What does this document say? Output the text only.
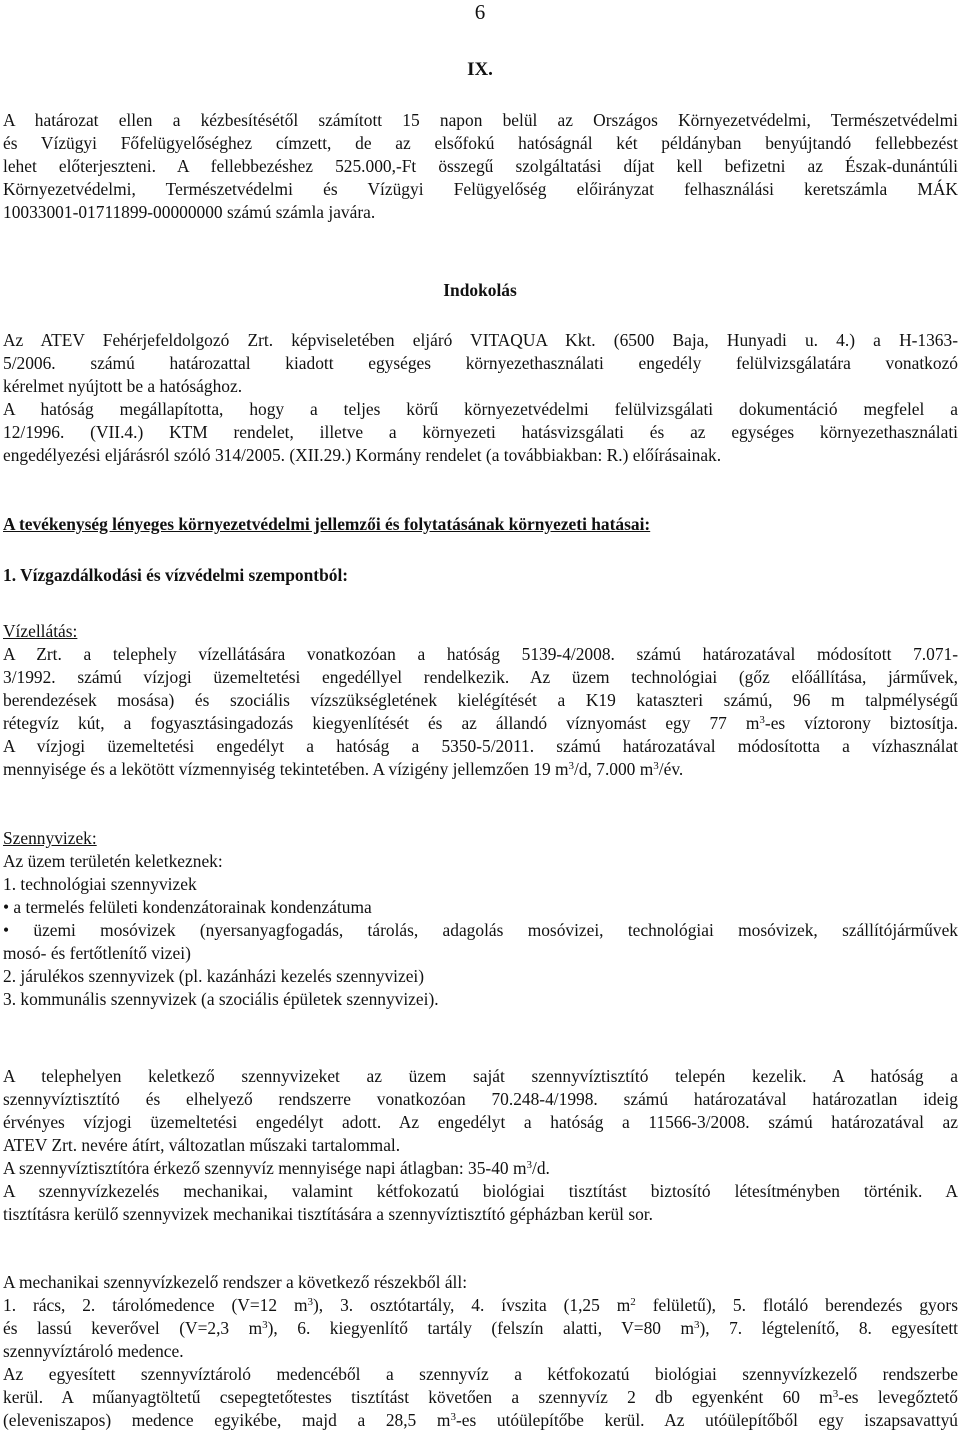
6
IX.
A határozat ellen a kézbesítésétől számított 15 napon belül az Országos Környezetvédelmi, Természetvédelmi
és Vízügyi Főfelügyelőséghez címzett, de az elsőfokú hatóságnál két példányban benyújtandó fellebbezést
lehet előterjeszteni. A fellebbezéshez 525.000,-Ft összegű szolgáltatási díjat kell befizetni az Észak-dunántúli
Környezetvédelmi, Természetvédelmi és Vízügyi Felügyelőség előirányzat felhasználási keretszámla MÁK
10033001-01711899-00000000 számú számla javára.

Indokolás

Az ATEV Fehérjefeldolgozó Zrt. képviseletében eljáró VITAQUA Kkt. (6500 Baja, Hunyadi u. 4.) a H-1363-
5/2006. számú határozattal kiadott egységes környezethasználati engedély felülvizsgálatára vonatkozó
kérelmet nyújtott be a hatósághoz.
A hatóság megállapította, hogy a teljes körű környezetvédelmi felülvizsgálati dokumentáció megfelel a
12/1996. (VII.4.) KTM rendelet, illetve a környezeti hatásvizsgálati és az egységes környezethasználati
engedélyezési eljárásról szóló 314/2005. (XII.29.) Kormány rendelet (a továbbiakban: R.) előírásainak.

A tevékenység lényeges környezetvédelmi jellemzői és folytatásának környezeti hatásai:

1. Vízgazdálkodási és vízvédelmi szempontból:

Vízellátás:
A Zrt. a telephely vízellátására vonatkozóan a hatóság 5139-4/2008. számú határozatával módosított 7.071-
3/1992. számú vízjogi üzemeltetési engedéllyel rendelkezik. Az üzem technológiai (gőz előállítása, járművek,
berendezések mosása) és szociális vízszükségletének kielégítését a K19 kataszteri számú, 96 m talpmélységű
rétegvíz kút, a fogyasztásingadozás kiegyenlítését és az állandó víznyomást egy 77 $m^3-es$ víztorony biztosítja.
A vízjogi üzemeltetési engedélyt a hatóság a 5350-5/2011. számú határozatával módosította a vízhasználat
mennyisége és a lekötött vízmennyiség tekintetében. A vízigény jellemzően 19 $m^3/d$, 7.000 $m^3/év$.
Szennyvizek:
Az üzem területén keletkeznek:
1. technológiai szennyvizek
• a termelés felületi kondenzátorainak kondenzátuma
• üzemi mosóvizek (nyersanyagfogadás, tárolás, adagolás mosóvizei, technológiai mosóvizek, szállítójárművek
mosó- és fertőtlenítő vizei)
2. járulékos szennyvizek (pl. kazánházi kezelés szennyvizei)
3. kommunális szennyvizek (a szociális épületek szennyvizei).
A telephelyen keletkező szennyvizeket az üzem saját szennyvíztisztító telepén kezelik. A hatóság a
szennyvíztisztító és elhelyező rendszerre vonatkozóan 70.248-4/1998. számú határozatával határozatlan ideig
érvényes vízjogi üzemeltetési engedélyt adott. Az engedélyt a hatóság a 11566-3/2008. számú határozatával az
ATEV Zrt. nevére átírt, változatlan műszaki tartalommal.
A szennyvíztisztítóra érkező szennyvíz mennyisége napi átlagban: 35-40 $m^3/d$.
A szennyvízkezelés mechanikai, valamint kétfokozatú biológiai tisztítást biztosító létesítményben történik. A
tisztításra kerülő szennyvizek mechanikai tisztítására a szennyvíztisztító gépházban kerül sor.
A mechanikai szennyvízkezelő rendszer a következő részekből áll:
1. rács, 2. tárolómedence (V=12 $m^3$), 3. osztótartály, 4. ívszita (1,25 $m^2$ felületű), 5. flotáló berendezés gyors
és lassú keverővel (V=2,3 $m^3$), 6. kiegyenlítő tartály (felszín alatti, V=80 $m^3$), 7. légtelenítő, 8. egyesített
szennyvíztároló medence.
Az egyesített szennyvíztároló medencéből a szennyvíz a kétfokozatú biológiai szennyvízkezelő rendszerbe
kerül. A műanyagtöltetű csepegtetőtestes tisztítást követően a szennyvíz 2 db egyenként 60 $m^3-es$ levegőztető
(eleveniszapos) medence egyikébe, majd a 28,5 $m^3-es$ utóülepítőbe kerül. Az utóülepítőből egy iszapsavattyú
